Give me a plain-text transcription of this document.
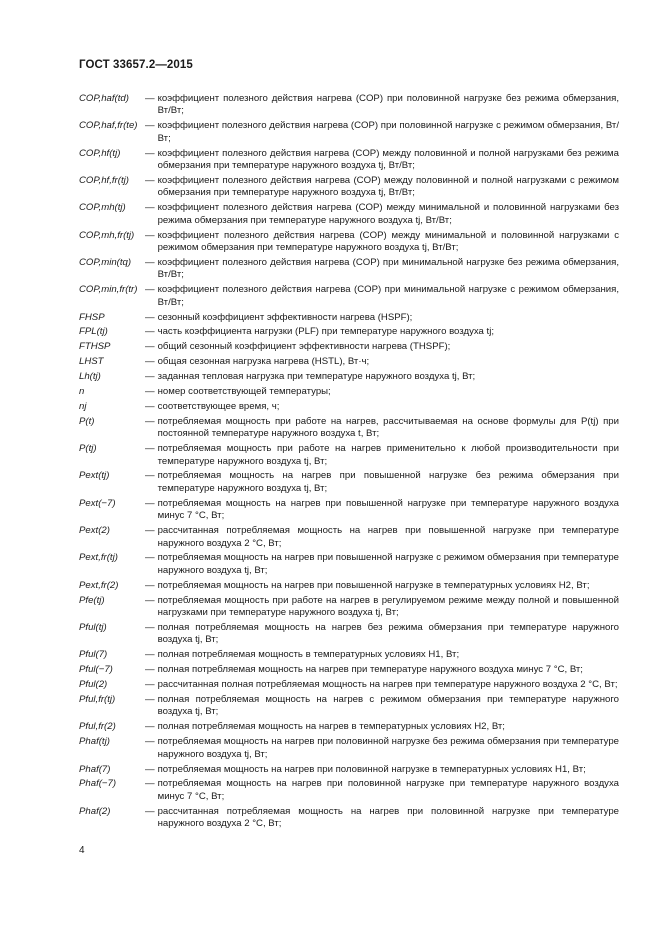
ГОСТ 33657.2—2015
COP,haf(td)	— коэффициент полезного действия нагрева (COP) при половинной нагрузке без режима обмерзания, Вт/Вт;
COP,haf,fr(te) — коэффициент полезного действия нагрева (COP) при половинной нагрузке с режимом обмерзания, Вт/Вт;
COP,hf(tj)	— коэффициент полезного действия нагрева (COP) между половинной и полной нагрузками без режима обмерзания при температуре наружного воздуха tj, Вт/Вт;
COP,hf,fr(tj)	— коэффициент полезного действия нагрева (COP) между половинной и полной нагрузками с режимом обмерзания при температуре наружного воздуха tj, Вт/Вт;
COP,mh(tj)	— коэффициент полезного действия нагрева (COP) между минимальной и половинной нагрузками без режима обмерзания при температуре наружного воздуха tj, Вт/Вт;
COP,mh,fr(tj)	— коэффициент полезного действия нагрева (COP) между минимальной и половинной нагрузками с режимом обмерзания при температуре наружного воздуха tj, Вт/Вт;
COP,min(tq)	— коэффициент полезного действия нагрева (COP) при минимальной нагрузке без режима обмерзания, Вт/Вт;
COP,min,fr(tr) — коэффициент полезного действия нагрева (COP) при минимальной нагрузке с режимом обмерзания, Вт/Вт;
FHSP	— сезонный коэффициент эффективности нагрева (HSPF);
FPL(tj)	— часть коэффициента нагрузки (PLF) при температуре наружного воздуха tj;
FTHSP	— общий сезонный коэффициент эффективности нагрева (THSPF);
LHST	— общая сезонная нагрузка нагрева (HSTL), Вт·ч;
Lh(tj)	— заданная тепловая нагрузка при температуре наружного воздуха tj, Вт;
n	— номер соответствующей температуры;
nj	— соответствующее время, ч;
P(t)	— потребляемая мощность при работе на нагрев, рассчитываемая на основе формулы для P(tj) при постоянной температуре наружного воздуха t, Вт;
P(tj)	— потребляемая мощность при работе на нагрев применительно к любой производительности при температуре наружного воздуха tj, Вт;
Pext(tj)	— потребляемая мощность на нагрев при повышенной нагрузке без режима обмерзания при температуре наружного воздуха tj, Вт;
Pext(−7)	— потребляемая мощность на нагрев при повышенной нагрузке при температуре наружного воздуха минус 7 °С, Вт;
Pext(2)	— рассчитанная потребляемая мощность на нагрев при повышенной нагрузке при температуре наружного воздуха 2 °С, Вт;
Pext,fr(tj)	— потребляемая мощность на нагрев при повышенной нагрузке с режимом обмерзания при температуре наружного воздуха tj, Вт;
Pext,fr(2)	— потребляемая мощность на нагрев при повышенной нагрузке в температурных условиях Н2, Вт;
Pfe(tj)	— потребляемая мощность при работе на нагрев в регулируемом режиме между полной и повышенной нагрузками при температуре наружного воздуха tj, Вт;
Pful(tj)	— полная потребляемая мощность на нагрев без режима обмерзания при температуре наружного воздуха tj, Вт;
Pful(7)	— полная потребляемая мощность в температурных условиях Н1, Вт;
Pful(−7)	— полная потребляемая мощность на нагрев при температуре наружного воздуха минус 7 °С, Вт;
Pful(2)	— рассчитанная полная потребляемая мощность на нагрев при температуре наружного воздуха 2 °С, Вт;
Pful,fr(tj)	— полная потребляемая мощность на нагрев с режимом обмерзания при температуре наружного воздуха tj, Вт;
Pful,fr(2)	— полная потребляемая мощность на нагрев в температурных условиях Н2, Вт;
Phaf(tj)	— потребляемая мощность на нагрев при половинной нагрузке без режима обмерзания при температуре наружного воздуха tj, Вт;
Phaf(7)	— потребляемая мощность на нагрев при половинной нагрузке в температурных условиях Н1, Вт;
Phaf(−7)	— потребляемая мощность на нагрев при половинной нагрузке при температуре наружного воздуха минус 7 °С, Вт;
Phaf(2)	— рассчитанная потребляемая мощность на нагрев при половинной нагрузке при температуре наружного воздуха 2 °С, Вт;
4
